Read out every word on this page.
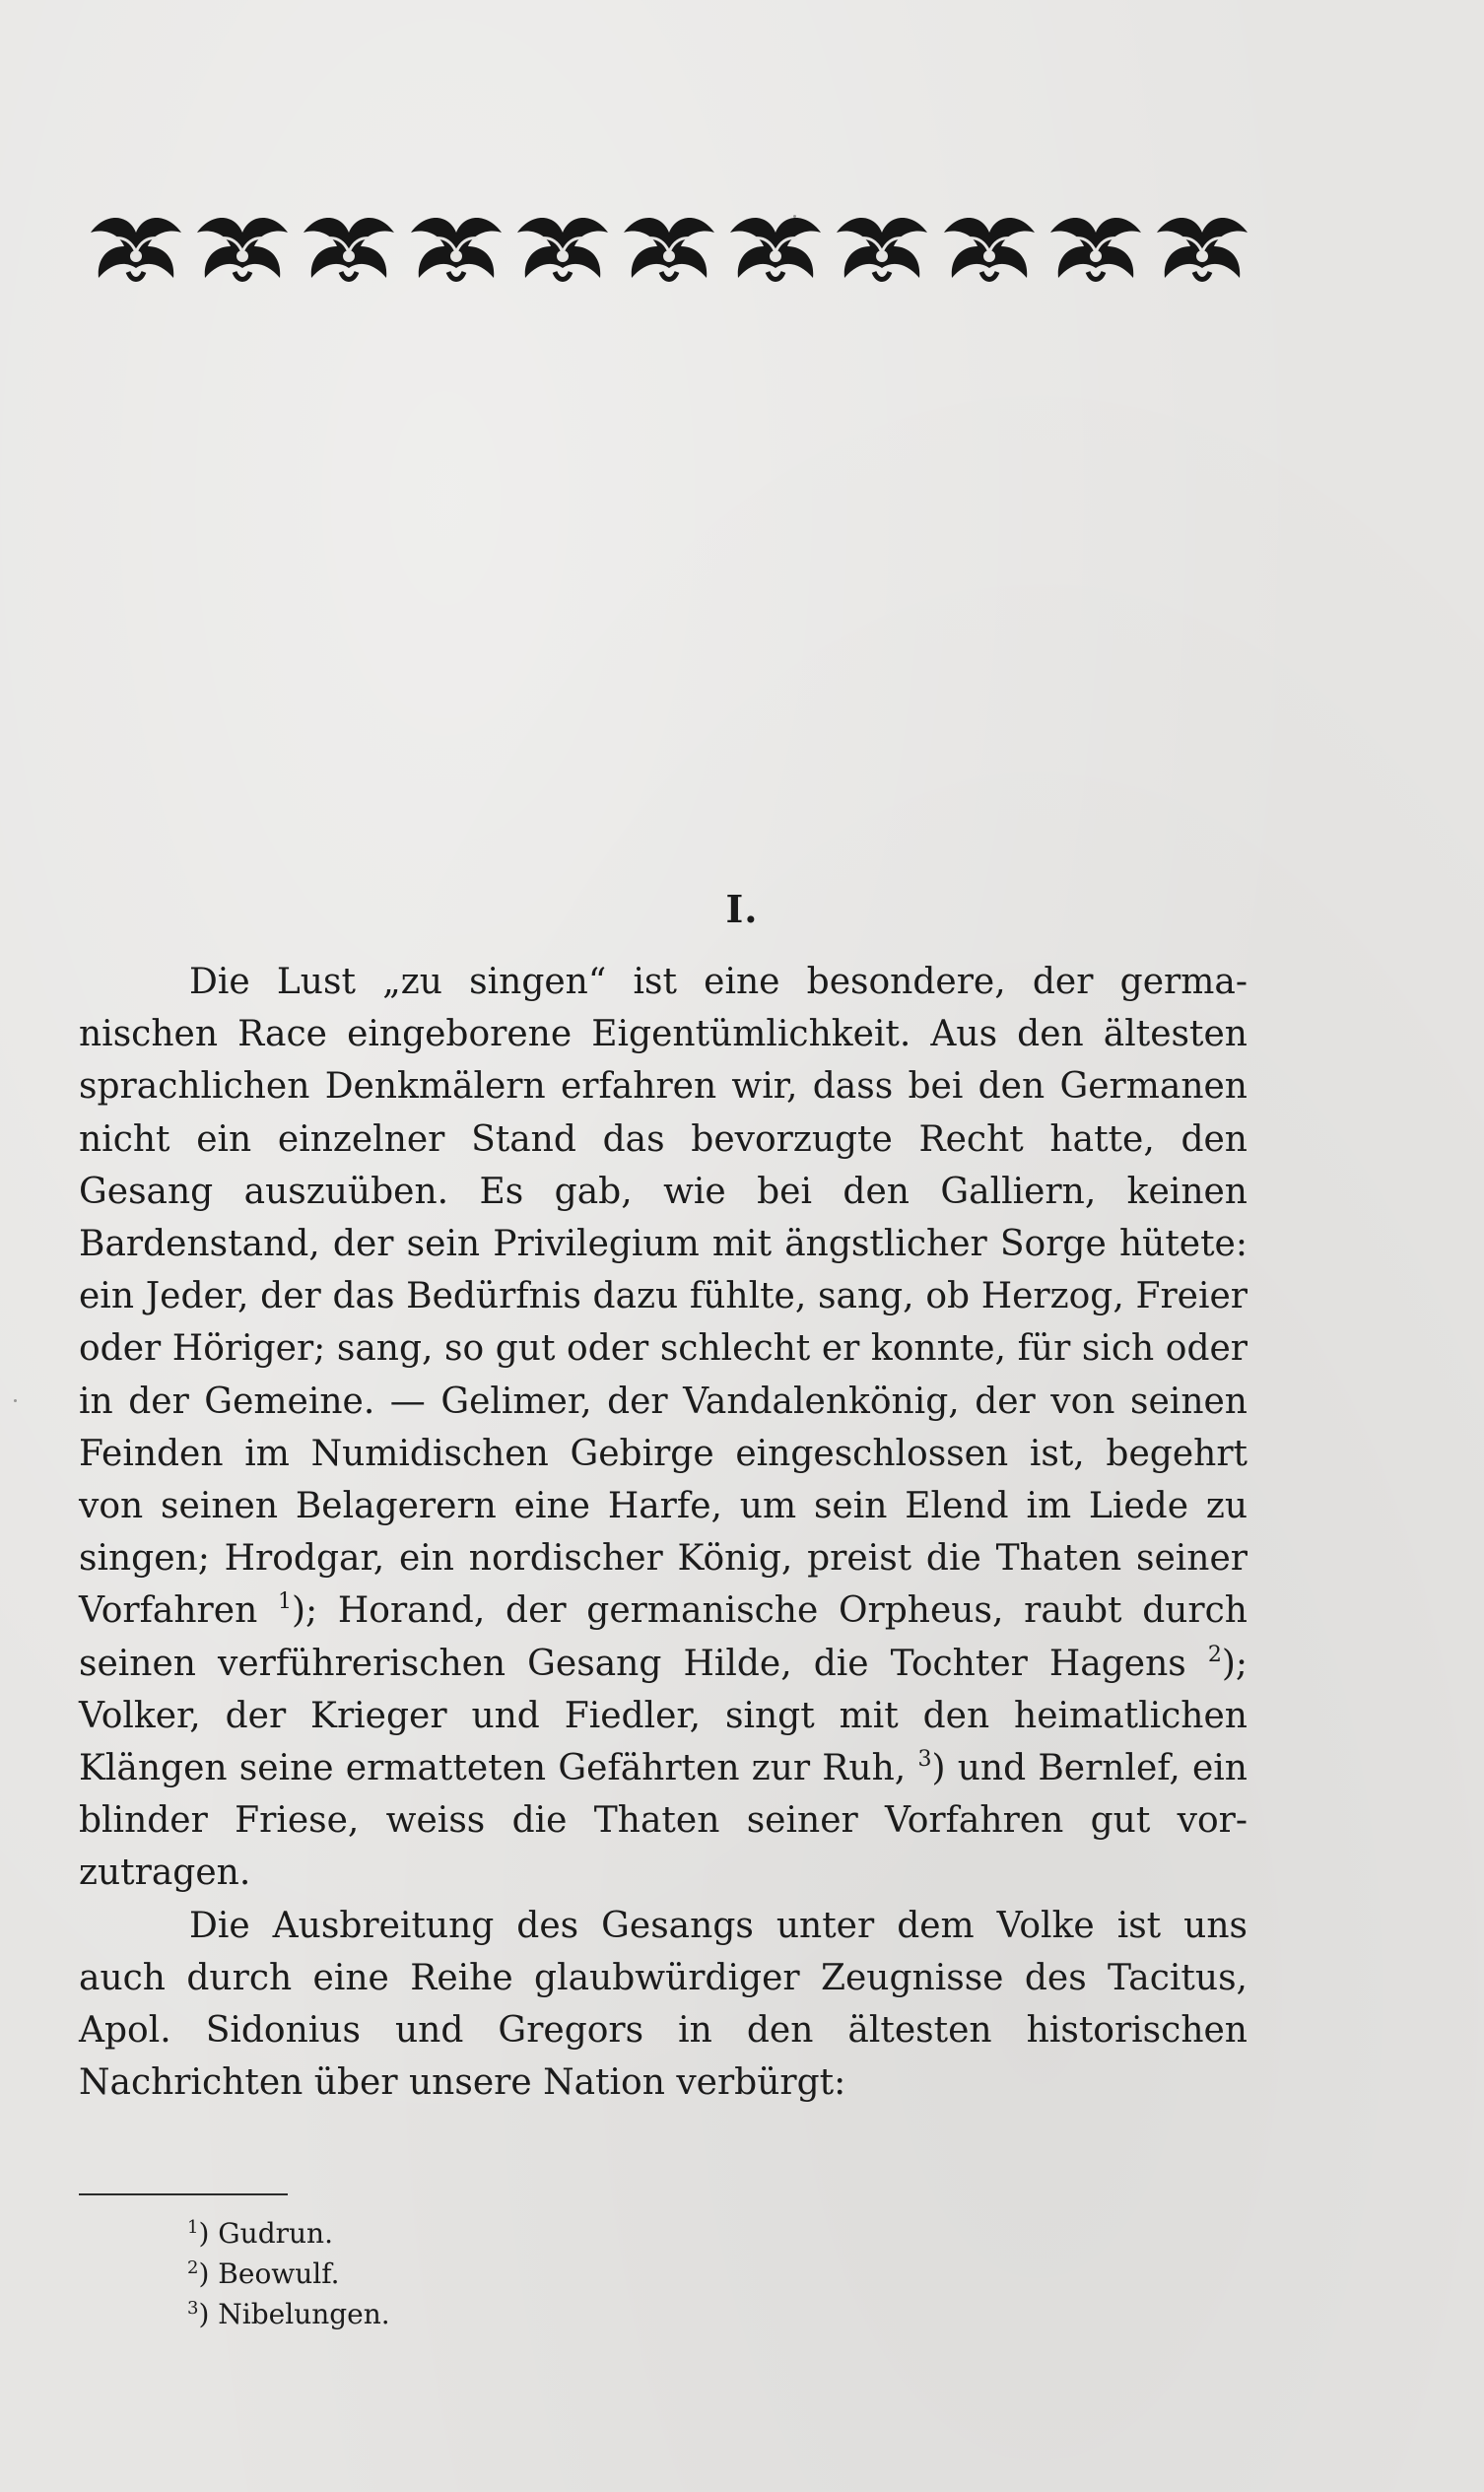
I.

Die Lust „zu singen“ ist eine besondere, der germanischen Race eingeborene Eigentümlichkeit. Aus den ältesten sprachlichen Denkmälern erfahren wir, dass bei den Germanen nicht ein einzelner Stand das bevorzugte Recht hatte, den Gesang auszuüben. Es gab, wie bei den Galliern, keinen Bardenstand, der sein Privilegium mit ängstlicher Sorge hütete: ein Jeder, der das Bedürfnis dazu fühlte, sang, ob Herzog, Freier oder Höriger; sang, so gut oder schlecht er konnte, für sich oder in der Gemeine. — Gelimer, der Vandalenkönig, der von seinen Feinden im Numidischen Gebirge eingeschlossen ist, begehrt von seinen Belagerern eine Harfe, um sein Elend im Liede zu singen; Hrodgar, ein nordischer König, preist die Thaten seiner Vorfahren $^1$); Horand, der germanische Orpheus, raubt durch seinen verführerischen Gesang Hilde, die Tochter Hagens $^2$); Volker, der Krieger und Fiedler, singt mit den heimatlichen Klängen seine ermatteten Gefährten zur Ruh, $^3$) und Bernlef, ein blinder Friese, weiss die Thaten seiner Vorfahren gut vorzutragen.

Die Ausbreitung des Gesangs unter dem Volke ist uns auch durch eine Reihe glaubwürdiger Zeugnisse des Tacitus, Apol. Sidonius und Gregors in den ältesten historischen Nachrichten über unsere Nation verbürgt:

$^1$) Gudrun.
$^2$) Beowulf.
$^3$) Nibelungen.
